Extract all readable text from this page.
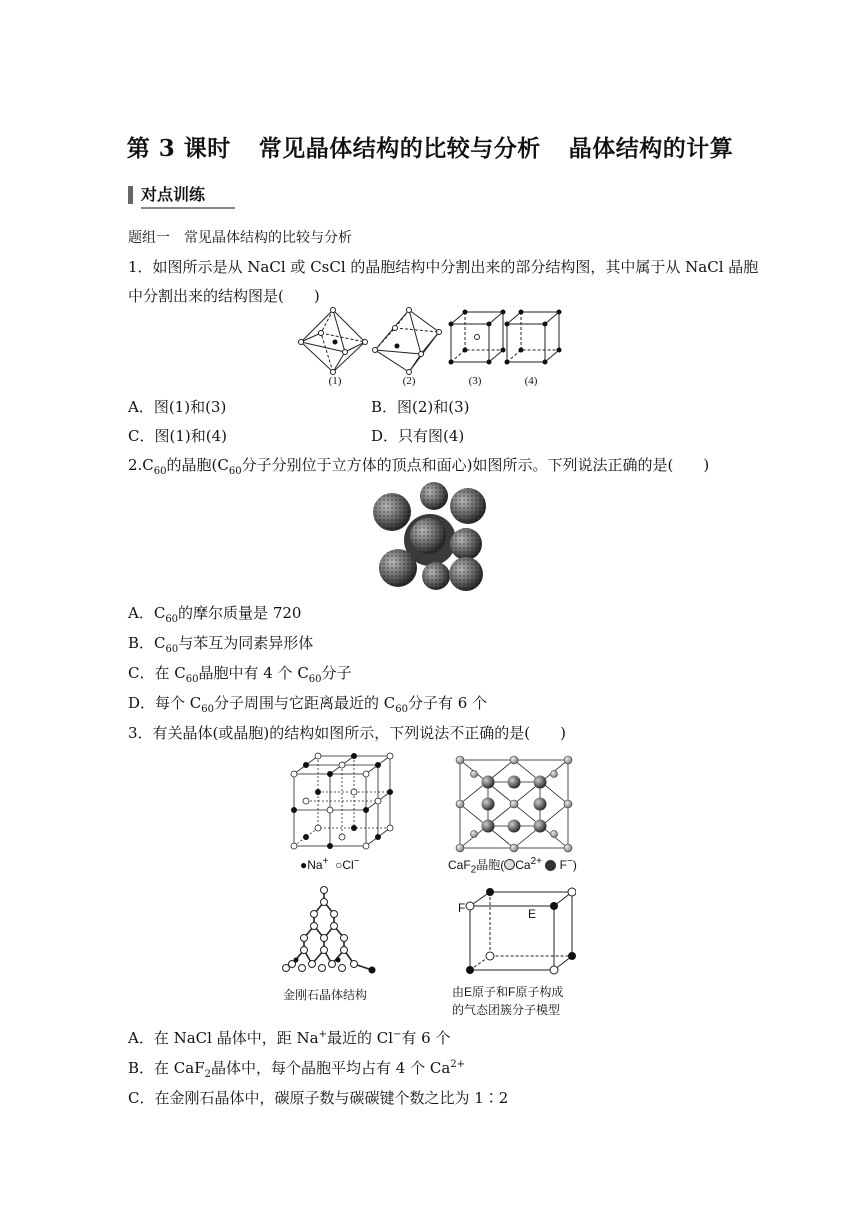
第 3 课时 常见晶体结构的比较与分析 晶体结构的计算
对点训练
题组一　常见晶体结构的比较与分析
1．如图所示是从 NaCl 或 CsCl 的晶胞结构中分割出来的部分结构图，其中属于从 NaCl 晶胞
中分割出来的结构图是(　　)
(1)	(2)	(3)	(4)
A．图(1)和(3)	B．图(2)和(3)
C．图(1)和(4)	D．只有图(4)
$2.C_{60}$的晶胞($C_{60}$分子分别位于立方体的顶点和面心)如图所示。下列说法正确的是(　　)
A．$C_{60}$的摩尔质量是 720
B．$C_{60}$与苯互为同素异形体
C．在 $C_{60}$晶胞中有 4 个 $C_{60}$分子
D．每个 $C_{60}$分子周围与它距离最近的 $C_{60}$分子有 6 个
3．有关晶体(或晶胞)的结构如图所示，下列说法不正确的是(　　)
●Na+ ○Cl−	CaF$_2$晶胞( $Ca^{2+}$ F−)
金刚石晶体结构
F	E
由E原子和F原子构成
的气态团簇分子模型
A．在 NaCl 晶体中，距 Na+最近的 Cl−有 6 个
B．在 CaF$_2$晶体中，每个晶胞平均占有 4 个 $Ca^{2+}$
C．在金刚石晶体中，碳原子数与碳碳键个数之比为 1∶2
